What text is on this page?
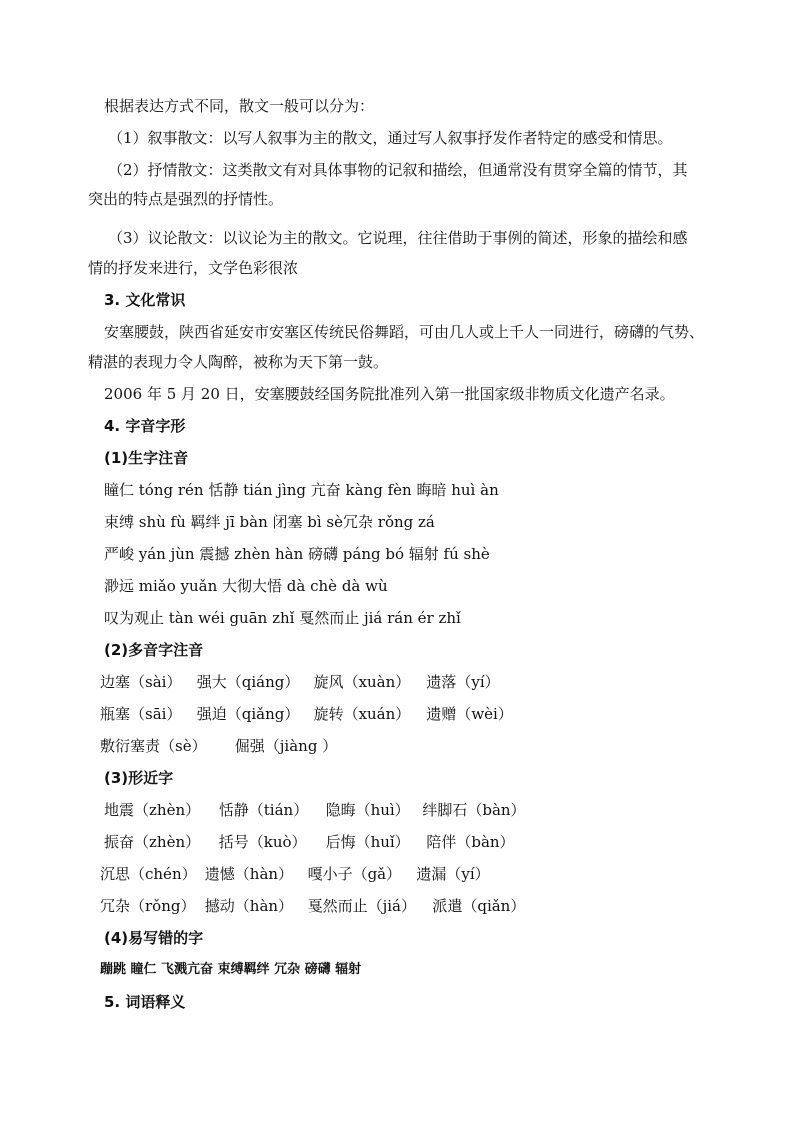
根据表达方式不同，散文一般可以分为：
（1）叙事散文：以写人叙事为主的散文，通过写人叙事抒发作者特定的感受和情思。
（2）抒情散文：这类散文有对具体事物的记叙和描绘，但通常没有贯穿全篇的情节，其
突出的特点是强烈的抒情性。
（3）议论散文：以议论为主的散文。它说理，往往借助于事例的简述，形象的描绘和感
情的抒发来进行，文学色彩很浓
3. 文化常识
安塞腰鼓，陕西省延安市安塞区传统民俗舞蹈，可由几人或上千人一同进行，磅礴的气势、
精湛的表现力令人陶醉，被称为天下第一鼓。
2006 年 5 月 20 日，安塞腰鼓经国务院批准列入第一批国家级非物质文化遗产名录。
4. 字音字形
(1)生字注音
瞳仁 tóng rén 恬静 tián jìng 亢奋 kàng fèn 晦暗 huì àn
束缚 shù fù 羁绊 jī bàn 闭塞 bì sè冗杂 rǒng zá
严峻 yán jùn 震撼 zhèn hàn 磅礴 páng bó 辐射 fú shè
渺远 miǎo yuǎn 大彻大悟 dà chè dà wù
叹为观止 tàn wéi guān zhǐ 戛然而止 jiá rán ér zhǐ
(2)多音字注音
边塞（sài） 强大（qiáng） 旋风（xuàn） 遗落（yí）
瓶塞（sāi） 强迫（qiǎng） 旋转（xuán） 遗赠（wèi）
敷衍塞责（sè） 倔强（jiàng ）
(3)形近字
地震（zhèn） 恬静（tián） 隐晦（huì） 绊脚石（bàn）
振奋（zhèn） 括号（kuò） 后悔（huǐ） 陪伴（bàn）
沉思（chén） 遗憾（hàn） 嘎小子（gǎ） 遗漏（yí）
冗杂（rǒng） 撼动（hàn） 戛然而止（jiá） 派遣（qiǎn）
(4)易写错的字
蹦跳 瞳仁 飞溅亢奋 束缚羁绊 冗杂 磅礴 辐射
5. 词语释义
